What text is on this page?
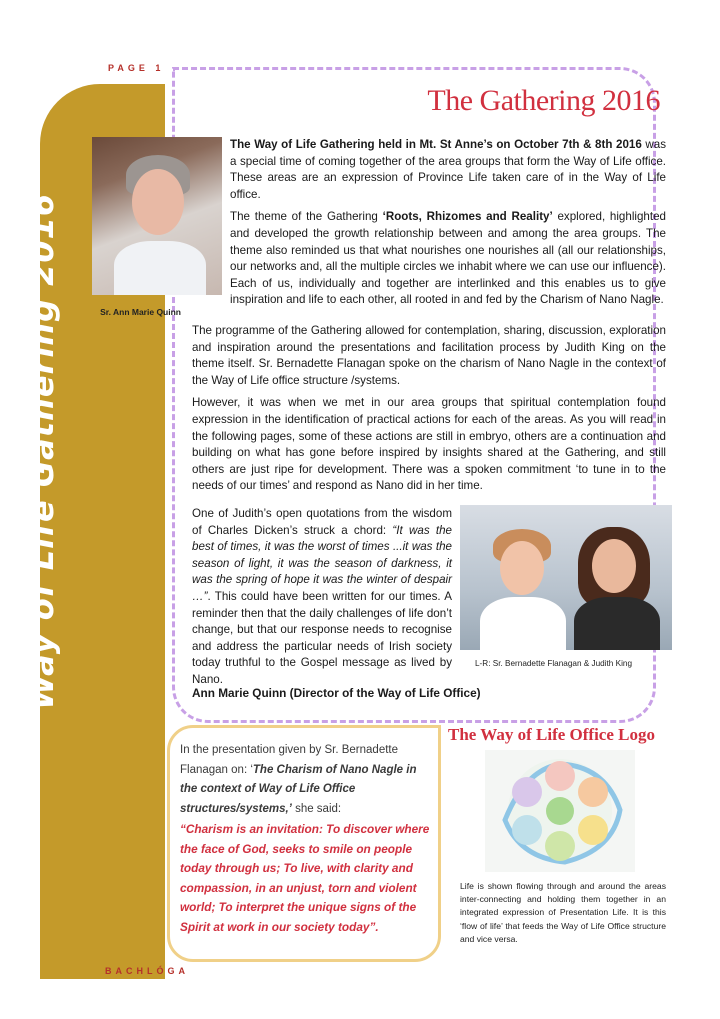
PAGE 1
Way of Life Gathering 2016
The Gathering 2016
Sr. Ann Marie Quinn

The Way of Life Gathering held in Mt. St Anne’s on October 7th & 8th 2016 was a special time of coming together of the area groups that form the Way of Life office. These areas are an expression of Province Life taken care of in the Way of Life office.

The theme of the Gathering ‘Roots, Rhizomes and Reality’ explored, highlighted and developed the growth relationship between and among the area groups. The theme also reminded us that what nourishes one nourishes all (all our relationships, our networks and, all the multiple circles we inhabit where we can use our influence). Each of us, individually and together are interlinked and this enables us to give inspiration and life to each other, all rooted in and fed by the Charism of Nano Nagle.

The programme of the Gathering allowed for contemplation, sharing, discussion, exploration and inspiration around the presentations and facilitation process by Judith King on the theme itself. Sr. Bernadette Flanagan spoke on the charism of Nano Nagle in the context of the Way of Life office structure /systems.

However, it was when we met in our area groups that spiritual contemplation found expression in the identification of practical actions for each of the areas. As you will read in the following pages, some of these actions are still in embryo, others are a continuation and building on what has gone before inspired by insights shared at the Gathering, and still others are just ripe for development. There was a spoken commitment ‘to tune in to the needs of our times’ and respond as Nano did in her time.

One of Judith’s open quotations from the wisdom of Charles Dicken’s struck a chord: “It was the best of times, it was the worst of times ...it was the season of light, it was the season of darkness, it was the spring of hope it was the winter of despair …”. This could have been written for our times. A reminder then that the daily challenges of life don’t change, but that our response needs to recognise and address the particular needs of Irish society today truthful to the Gospel message as lived by Nano.

L-R: Sr. Bernadette Flanagan & Judith King
Ann Marie Quinn (Director of the Way of Life Office)
The Way of Life Office Logo
In the presentation given by Sr. Bernadette Flanagan on: ‘The Charism of Nano Nagle in the context of Way of Life Office structures/systems,’ she said:
“Charism is an invitation: To discover where the face of God, seeks to smile on people today through us; To live, with clarity and compassion, in an unjust, torn and violent world; To interpret the unique signs of the Spirit at work in our society today”.
Life is shown flowing through and around the areas inter-connecting and holding them together in an integrated expression of Presentation Life. It is this ‘flow of life’ that feeds the Way of Life Office structure and vice versa.
BACHLÓGA
